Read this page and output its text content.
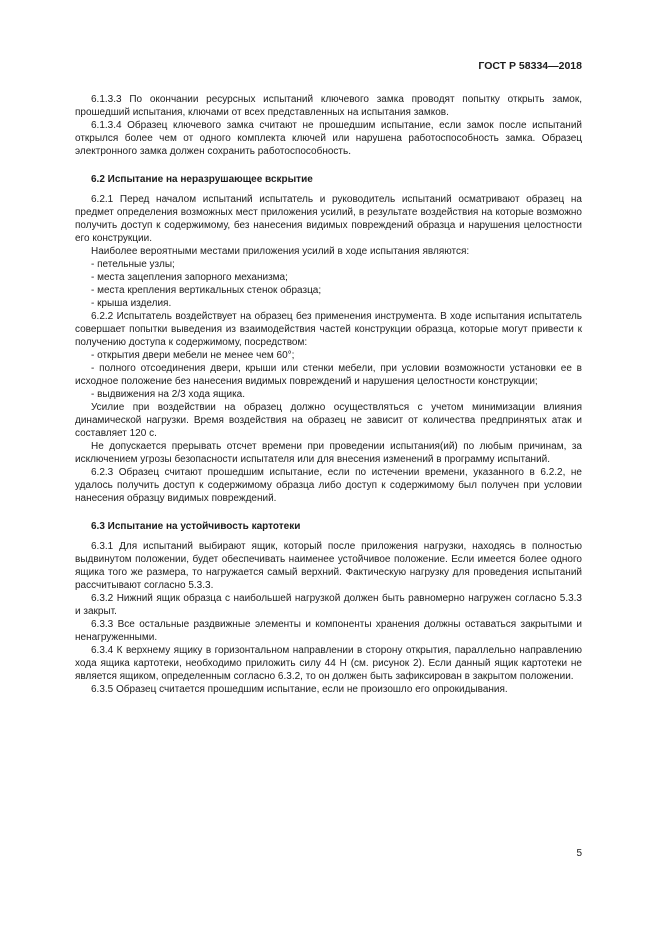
ГОСТ Р 58334—2018

6.1.3.3 По окончании ресурсных испытаний ключевого замка проводят попытку открыть замок, прошедший испытания, ключами от всех представленных на испытания замков.

6.1.3.4 Образец ключевого замка считают не прошедшим испытание, если замок после испытаний открылся более чем от одного комплекта ключей или нарушена работоспособность замка. Образец электронного замка должен сохранить работоспособность.

6.2 Испытание на неразрушающее вскрытие

6.2.1 Перед началом испытаний испытатель и руководитель испытаний осматривают образец на предмет определения возможных мест приложения усилий, в результате воздействия на которые возможно получить доступ к содержимому, без нанесения видимых повреждений образца и нарушения целостности его конструкции.

Наиболее вероятными местами приложения усилий в ходе испытания являются:

- петельные узлы;

- места зацепления запорного механизма;

- места крепления вертикальных стенок образца;

- крыша изделия.

6.2.2 Испытатель воздействует на образец без применения инструмента. В ходе испытания испытатель совершает попытки выведения из взаимодействия частей конструкции образца, которые могут привести к получению доступа к содержимому, посредством:

- открытия двери мебели не менее чем 60°;

- полного отсоединения двери, крыши или стенки мебели, при условии возможности установки ее в исходное положение без нанесения видимых повреждений и нарушения целостности конструкции;

- выдвижения на 2/3 хода ящика.

Усилие при воздействии на образец должно осуществляться с учетом минимизации влияния динамической нагрузки. Время воздействия на образец не зависит от количества предпринятых атак и составляет 120 с.

Не допускается прерывать отсчет времени при проведении испытания(ий) по любым причинам, за исключением угрозы безопасности испытателя или для внесения изменений в программу испытаний.

6.2.3 Образец считают прошедшим испытание, если по истечении времени, указанного в 6.2.2, не удалось получить доступ к содержимому образца либо доступ к содержимому был получен при условии нанесения образцу видимых повреждений.

6.3 Испытание на устойчивость картотеки

6.3.1 Для испытаний выбирают ящик, который после приложения нагрузки, находясь в полностью выдвинутом положении, будет обеспечивать наименее устойчивое положение. Если имеется более одного ящика того же размера, то нагружается самый верхний. Фактическую нагрузку для проведения испытаний рассчитывают согласно 5.3.3.

6.3.2 Нижний ящик образца с наибольшей нагрузкой должен быть равномерно нагружен согласно 5.3.3 и закрыт.

6.3.3 Все остальные раздвижные элементы и компоненты хранения должны оставаться закрытыми и ненагруженными.

6.3.4 К верхнему ящику в горизонтальном направлении в сторону открытия, параллельно направлению хода ящика картотеки, необходимо приложить силу 44 Н (см. рисунок 2). Если данный ящик картотеки не является ящиком, определенным согласно 6.3.2, то он должен быть зафиксирован в закрытом положении.

6.3.5 Образец считается прошедшим испытание, если не произошло его опрокидывания.

5
